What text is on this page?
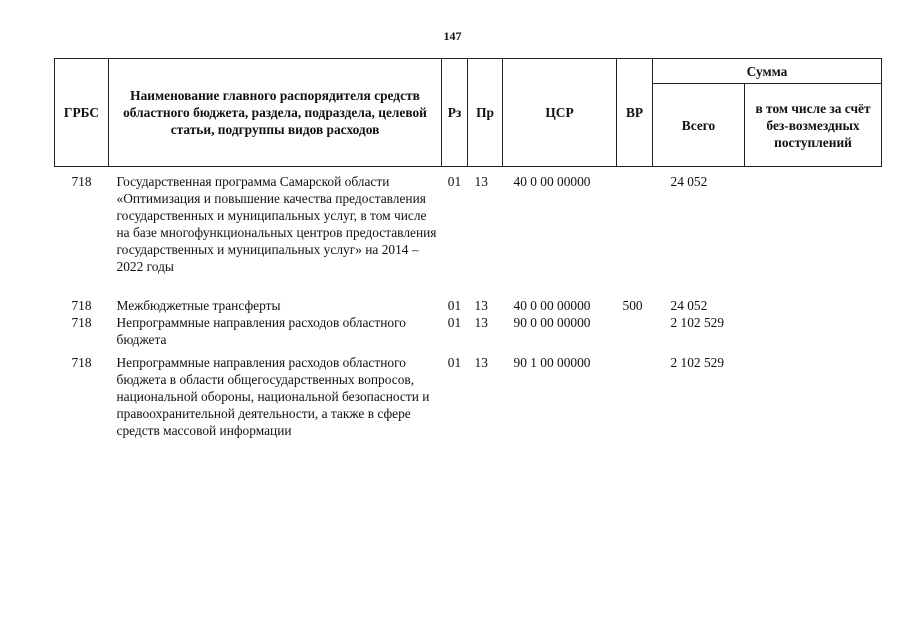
147
ГРБС	Наименование главного распорядителя средств областного бюджета, раздела, подраздела, целевой статьи, подгруппы видов расходов	Рз	Пр	ЦСР	ВР	Сумма	
						Всего	в том числе за счёт без-возмездных поступлений
718	Государственная программа Самарской области «Оптимизация и повышение качества предоставления государственных и муниципальных услуг, в том числе на базе многофункциональных центров предоставления государственных и муниципальных услуг» на 2014 – 2022 годы	01	13	40 0 00 00000		24 052	
718	Межбюджетные трансферты	01	13	40 0 00 00000	500	24 052	
718	Непрограммные направления расходов областного бюджета	01	13	90 0 00 00000		2 102 529	
718	Непрограммные направления расходов областного бюджета в области общегосударственных вопросов, национальной обороны, национальной безопасности и правоохранительной деятельности, а также в сфере средств массовой информации	01	13	90 1 00 00000		2 102 529	
